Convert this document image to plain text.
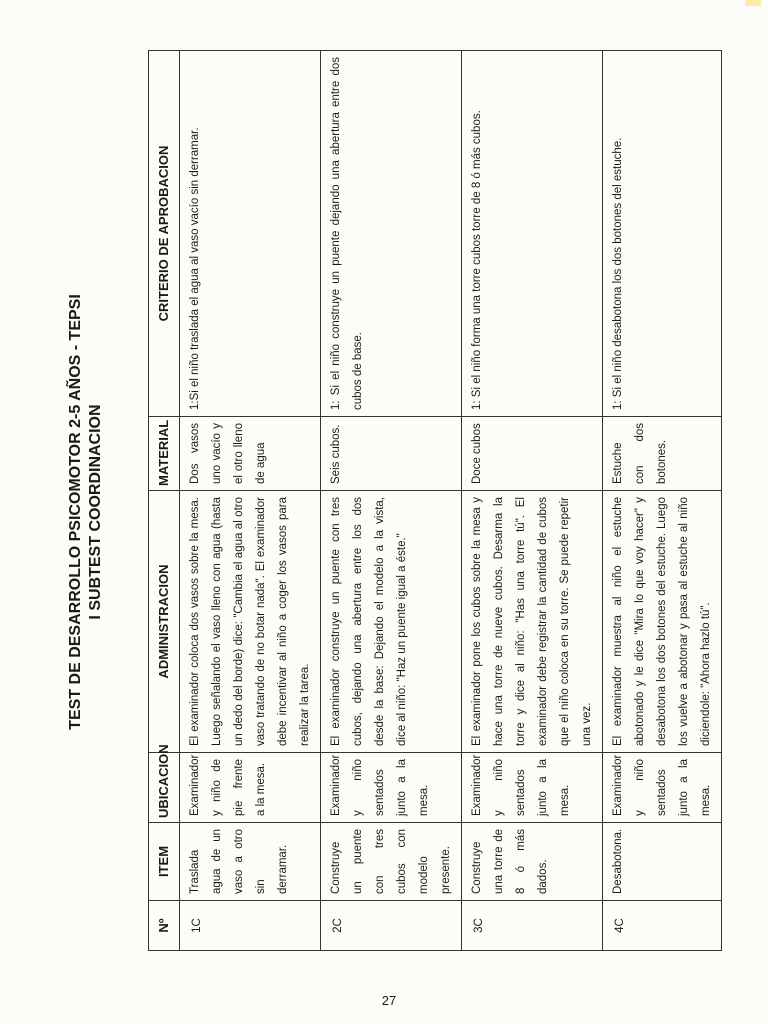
TEST DE DESARROLLO PSICOMOTOR 2-5 AÑOS - TEPSI I SUBTEST COORDINACION
Nº	ITEM	UBICACION	ADMINISTRACION	MATERIAL	CRITERIO DE APROBACION
1C	Traslada agua de un vaso a otro sin derramar.	Examinador y niño de pie frente a la mesa.	El examinador coloca dos vasos sobre la mesa. Luego señalando el vaso lleno con agua (hasta un dedo del borde) dice: "Cambia el agua al otro vaso tratando de no botar nada". El examinador debe incentivar al niño a coger los vasos para realizar la tarea.	Dos vasos uno vacío y el otro lleno de agua	1:Si el niño traslada el agua al vaso vacío sin derramar.
2C	Construye un puente con tres cubos con modelo presente.	Examinador y niño sentados junto a la mesa.	El examinador construye un puente con tres cubos, dejando una abertura entre los dos desde la base: Dejando el modelo a la vista, dice al niño: "Haz un puente igual a éste."	Seis cubos.	1: Si el niño construye un puente dejando una abertura entre dos cubos de base.
3C	Construye una torre de 8 ó más dados.	Examinador y niño sentados junto a la mesa.	El examinador pone los cubos sobre la mesa y hace una torre de nueve cubos. Desarma la torre y dice al niño: "Has una torre tú". El examinador debe registrar la cantidad de cubos que el niño coloca en su torre. Se puede repetir una vez.	Doce cubos	1: Si el niño forma una torre cubos torre de 8 ó más cubos.
4C	Desabotona.	Examinador y niño sentados junto a la mesa.	El examinador muestra al niño el estuche abotonado y le dice "Mira lo que voy hacer" y desabotona los dos botones del estuche. Luego los vuelve a abotonar y pasa al estuche al niño diciendole: "Ahora hazlo tú".	Estuche con dos botones.	1: Si el niño desabotona los dos botones del estuche.
27
